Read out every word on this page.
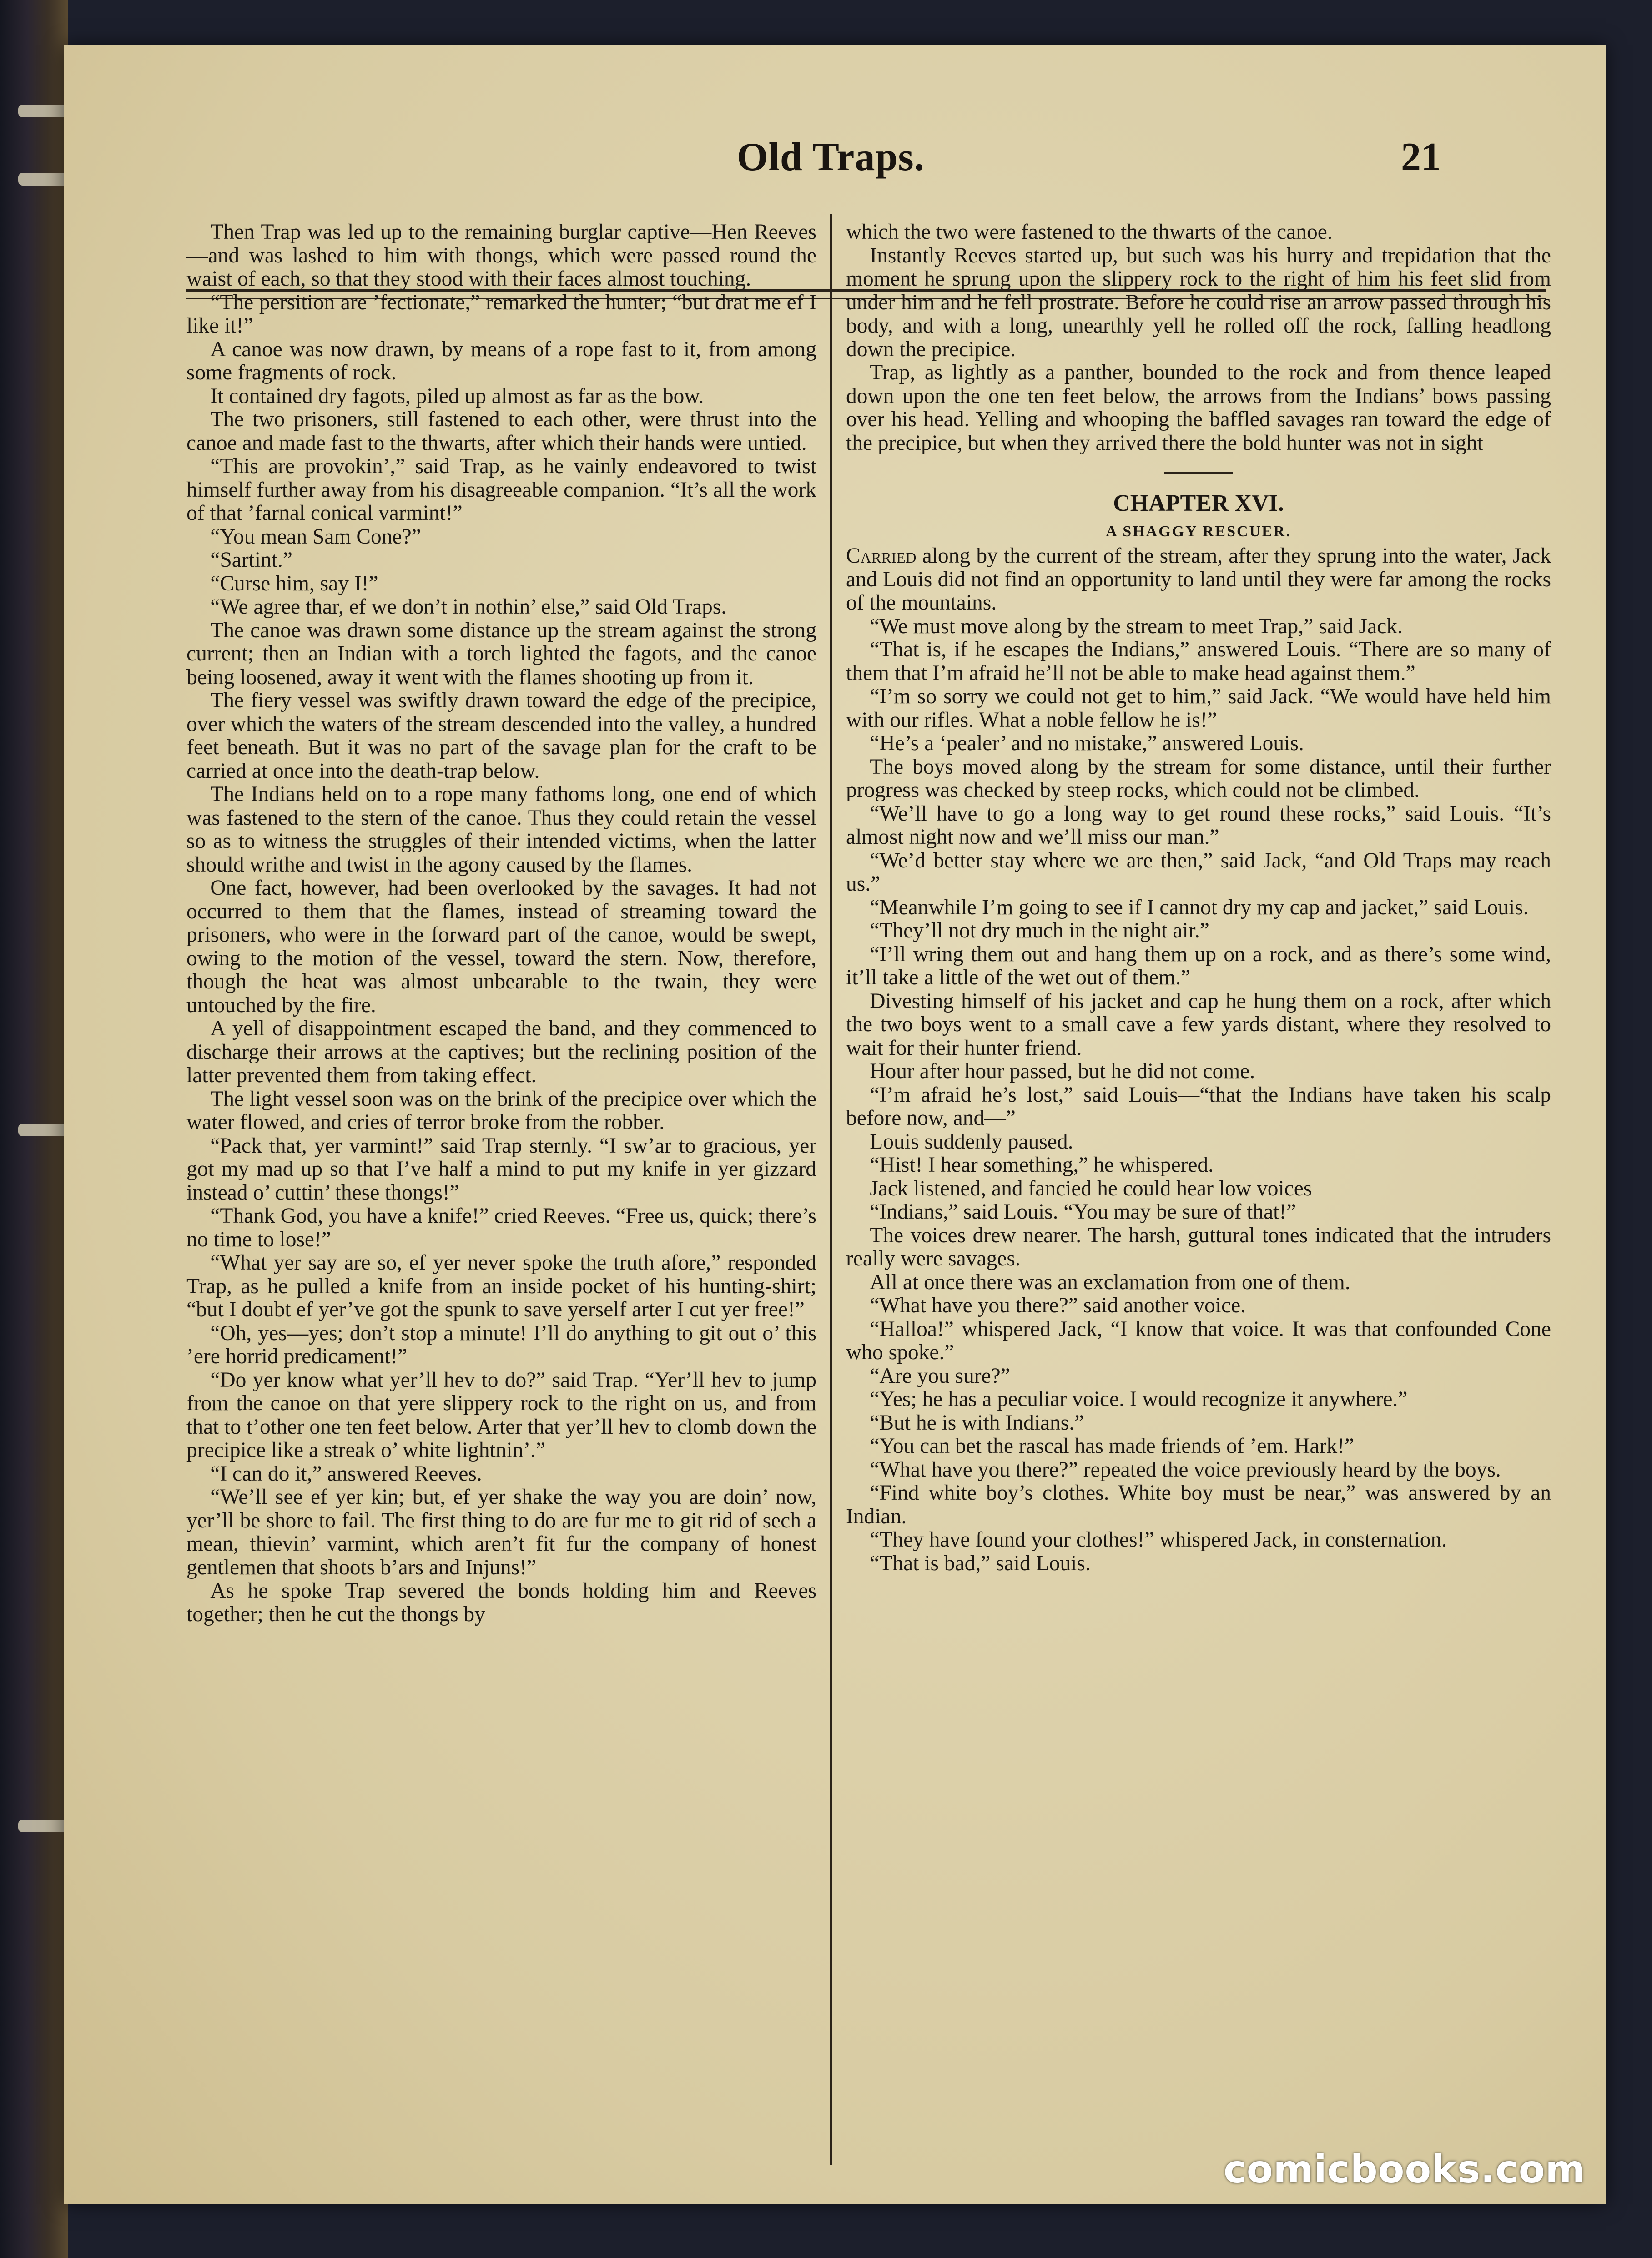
Old Traps.	21

Then Trap was led up to the remaining burglar captive—Hen Reeves—and was lashed to him with thongs, which were passed round the waist of each, so that they stood with their faces almost touching.

“The persition are ’fectionate,” remarked the hunter; “but drat me ef I like it!”

A canoe was now drawn, by means of a rope fast to it, from among some fragments of rock.

It contained dry fagots, piled up almost as far as the bow.

The two prisoners, still fastened to each other, were thrust into the canoe and made fast to the thwarts, after which their hands were untied.

“This are provokin’,” said Trap, as he vainly endeavored to twist himself further away from his disagreeable companion. “It’s all the work of that ’farnal conical varmint!”

“You mean Sam Cone?”

“Sartint.”

“Curse him, say I!”

“We agree thar, ef we don’t in nothin’ else,” said Old Traps.

The canoe was drawn some distance up the stream against the strong current; then an Indian with a torch lighted the fagots, and the canoe being loosened, away it went with the flames shooting up from it.

The fiery vessel was swiftly drawn toward the edge of the precipice, over which the waters of the stream descended into the valley, a hundred feet beneath. But it was no part of the savage plan for the craft to be carried at once into the death-trap below.

The Indians held on to a rope many fathoms long, one end of which was fastened to the stern of the canoe. Thus they could retain the vessel so as to witness the struggles of their intended victims, when the latter should writhe and twist in the agony caused by the flames.

One fact, however, had been overlooked by the savages. It had not occurred to them that the flames, instead of streaming toward the prisoners, who were in the forward part of the canoe, would be swept, owing to the motion of the vessel, toward the stern. Now, therefore, though the heat was almost unbearable to the twain, they were untouched by the fire.

A yell of disappointment escaped the band, and they commenced to discharge their arrows at the captives; but the reclining position of the latter prevented them from taking effect.

The light vessel soon was on the brink of the precipice over which the water flowed, and cries of terror broke from the robber.

“Pack that, yer varmint!” said Trap sternly. “I sw’ar to gracious, yer got my mad up so that I’ve half a mind to put my knife in yer gizzard instead o’ cuttin’ these thongs!”

“Thank God, you have a knife!” cried Reeves. “Free us, quick; there’s no time to lose!”

“What yer say are so, ef yer never spoke the truth afore,” responded Trap, as he pulled a knife from an inside pocket of his hunting-shirt; “but I doubt ef yer’ve got the spunk to save yerself arter I cut yer free!”

“Oh, yes—yes; don’t stop a minute! I’ll do anything to git out o’ this ’ere horrid predicament!”

“Do yer know what yer’ll hev to do?” said Trap. “Yer’ll hev to jump from the canoe on that yere slippery rock to the right on us, and from that to t’other one ten feet below. Arter that yer’ll hev to clomb down the precipice like a streak o’ white lightnin’.”

“I can do it,” answered Reeves.

“We’ll see ef yer kin; but, ef yer shake the way you are doin’ now, yer’ll be shore to fail. The first thing to do are fur me to git rid of sech a mean, thievin’ varmint, which aren’t fit fur the company of honest gentlemen that shoots b’ars and Injuns!”

As he spoke Trap severed the bonds holding him and Reeves together; then he cut the thongs by

which the two were fastened to the thwarts of the canoe.

Instantly Reeves started up, but such was his hurry and trepidation that the moment he sprung upon the slippery rock to the right of him his feet slid from under him and he fell prostrate. Before he could rise an arrow passed through his body, and with a long, unearthly yell he rolled off the rock, falling headlong down the precipice.

Trap, as lightly as a panther, bounded to the rock and from thence leaped down upon the one ten feet below, the arrows from the Indians’ bows passing over his head. Yelling and whooping the baffled savages ran toward the edge of the precipice, but when they arrived there the bold hunter was not in sight

CHAPTER XVI.
A SHAGGY RESCUER.

Carried along by the current of the stream, after they sprung into the water, Jack and Louis did not find an opportunity to land until they were far among the rocks of the mountains.

“We must move along by the stream to meet Trap,” said Jack.

“That is, if he escapes the Indians,” answered Louis. “There are so many of them that I’m afraid he’ll not be able to make head against them.”

“I’m so sorry we could not get to him,” said Jack. “We would have held him with our rifles. What a noble fellow he is!”

“He’s a ‘pealer’ and no mistake,” answered Louis.

The boys moved along by the stream for some distance, until their further progress was checked by steep rocks, which could not be climbed.

“We’ll have to go a long way to get round these rocks,” said Louis. “It’s almost night now and we’ll miss our man.”

“We’d better stay where we are then,” said Jack, “and Old Traps may reach us.”

“Meanwhile I’m going to see if I cannot dry my cap and jacket,” said Louis.

“They’ll not dry much in the night air.”

“I’ll wring them out and hang them up on a rock, and as there’s some wind, it’ll take a little of the wet out of them.”

Divesting himself of his jacket and cap he hung them on a rock, after which the two boys went to a small cave a few yards distant, where they resolved to wait for their hunter friend.

Hour after hour passed, but he did not come.

“I’m afraid he’s lost,” said Louis—“that the Indians have taken his scalp before now, and—”

Louis suddenly paused.

“Hist! I hear something,” he whispered.

Jack listened, and fancied he could hear low voices

“Indians,” said Louis. “You may be sure of that!”

The voices drew nearer. The harsh, guttural tones indicated that the intruders really were savages.

All at once there was an exclamation from one of them.

“What have you there?” said another voice.

“Halloa!” whispered Jack, “I know that voice. It was that confounded Cone who spoke.”

“Are you sure?”

“Yes; he has a peculiar voice. I would recognize it anywhere.”

“But he is with Indians.”

“You can bet the rascal has made friends of ’em. Hark!”

“What have you there?” repeated the voice previously heard by the boys.

“Find white boy’s clothes. White boy must be near,” was answered by an Indian.

“They have found your clothes!” whispered Jack, in consternation.

“That is bad,” said Louis.

comicbooks.com
